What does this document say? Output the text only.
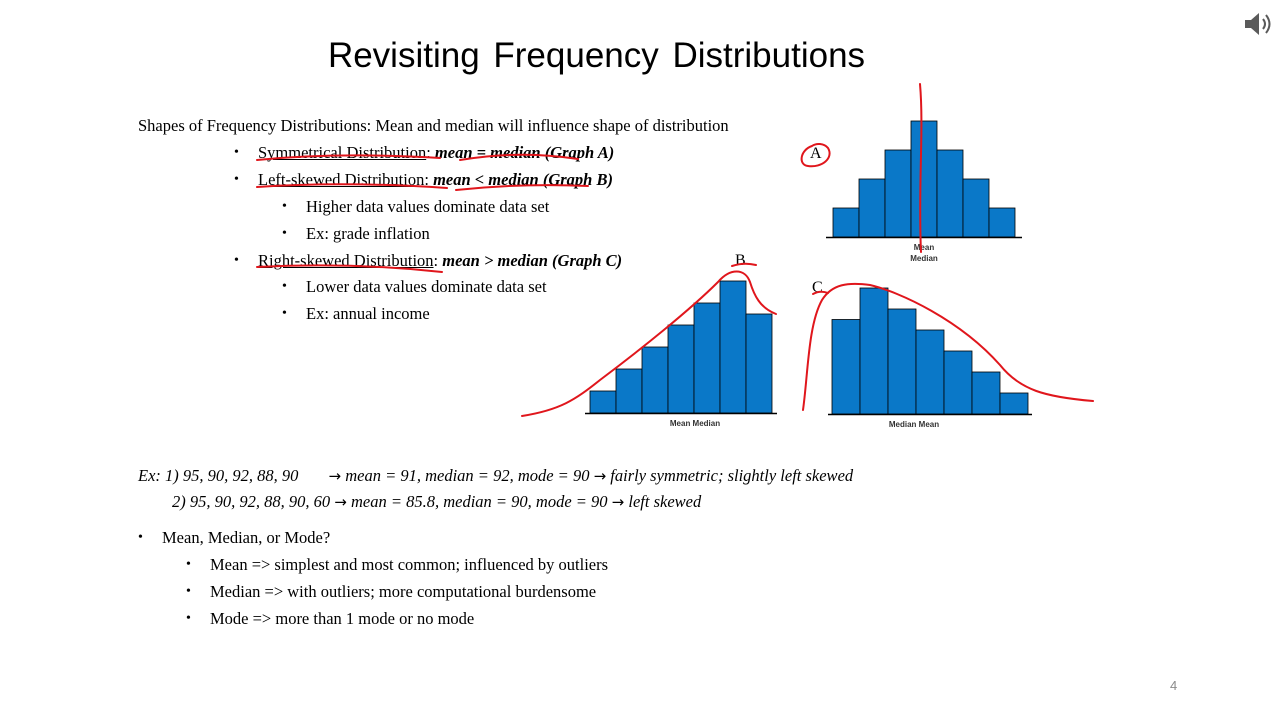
Revisiting Frequency Distributions
Shapes of Frequency Distributions: Mean and median will influence shape of distribution
• Symmetrical Distribution: mean = median (Graph A)
• Left-skewed Distribution: mean < median (Graph B)
• Higher data values dominate data set
• Ex: grade inflation
• Right-skewed Distribution: mean > median (Graph C)
• Lower data values dominate data set
• Ex: annual income
A
B
C
Mean
Median
Mean Median	Median Mean
Ex: 1) 95, 90, 92, 88, 90 → mean = 91, median = 92, mode = 90 → fairly symmetric; slightly left skewed
2) 95, 90, 92, 88, 90, 60 → mean = 85.8, median = 90, mode = 90 → left skewed
• Mean, Median, or Mode?
• Mean => simplest and most common; influenced by outliers
• Median => with outliers; more computational burdensome
• Mode => more than 1 mode or no mode
4
